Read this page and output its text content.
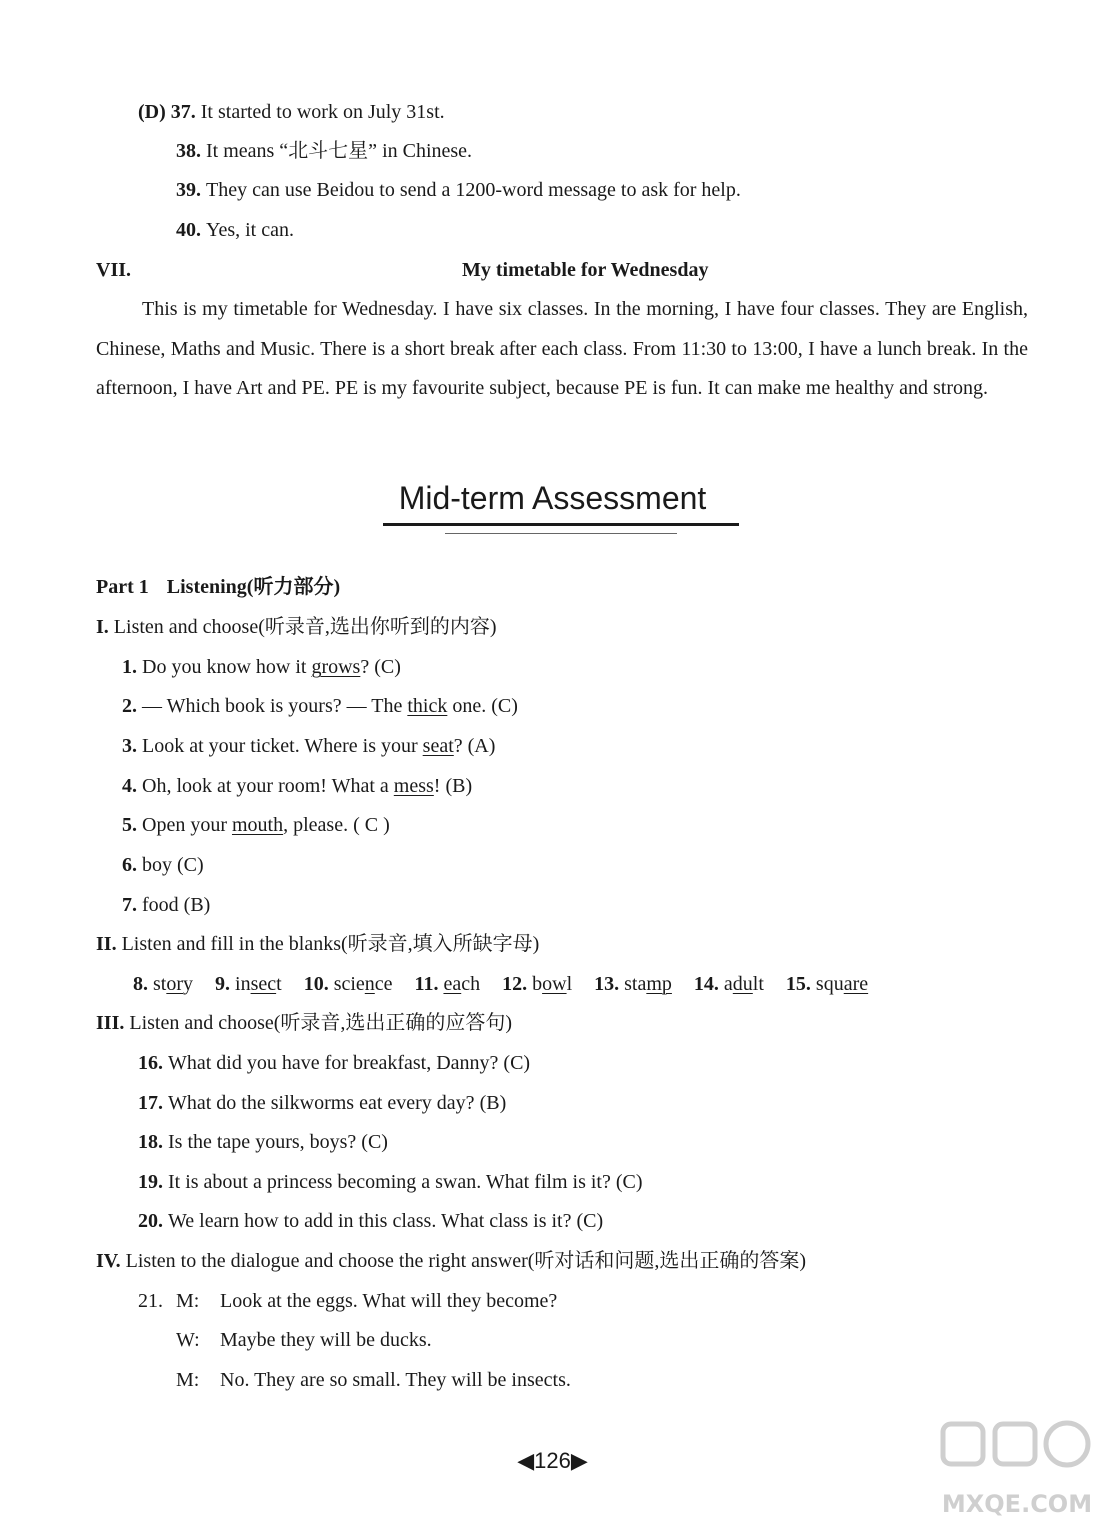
(D) 37. It started to work on July 31st.
38. It means “北斗七星” in Chinese.
39. They can use Beidou to send a 1200-word message to ask for help.
40. Yes, it can.
VII.	My timetable for Wednesday
This is my timetable for Wednesday. I have six classes. In the morning, I have four classes. They are English, Chinese, Maths and Music. There is a short break after each class. From 11:30 to 13:00, I have a lunch break. In the afternoon, I have Art and PE. PE is my favourite subject, because PE is fun. It can make me healthy and strong.
Mid-term Assessment
Part 1 Listening(听力部分)
I. Listen and choose(听录音,选出你听到的内容)
1. Do you know how it grows? (C)
2. — Which book is yours? — The thick one. (C)
3. Look at your ticket. Where is your seat? (A)
4. Oh, look at your room! What a mess! (B)
5. Open your mouth, please. ( C )
6. boy (C)
7. food (B)
II. Listen and fill in the blanks(听录音,填入所缺字母)
8. story 9. insect 10. science 11. each 12. bowl 13. stamp 14. adult 15. square
III. Listen and choose(听录音,选出正确的应答句)
16. What did you have for breakfast, Danny? (C)
17. What do the silkworms eat every day? (B)
18. Is the tape yours, boys? (C)
19. It is about a princess becoming a swan. What film is it? (C)
20. We learn how to add in this class. What class is it? (C)
IV. Listen to the dialogue and choose the right answer(听对话和问题,选出正确的答案)
21. M: Look at the eggs. What will they become?
W: Maybe they will be ducks.
M: No. They are so small. They will be insects.
◀126▶
MXQE.COM
